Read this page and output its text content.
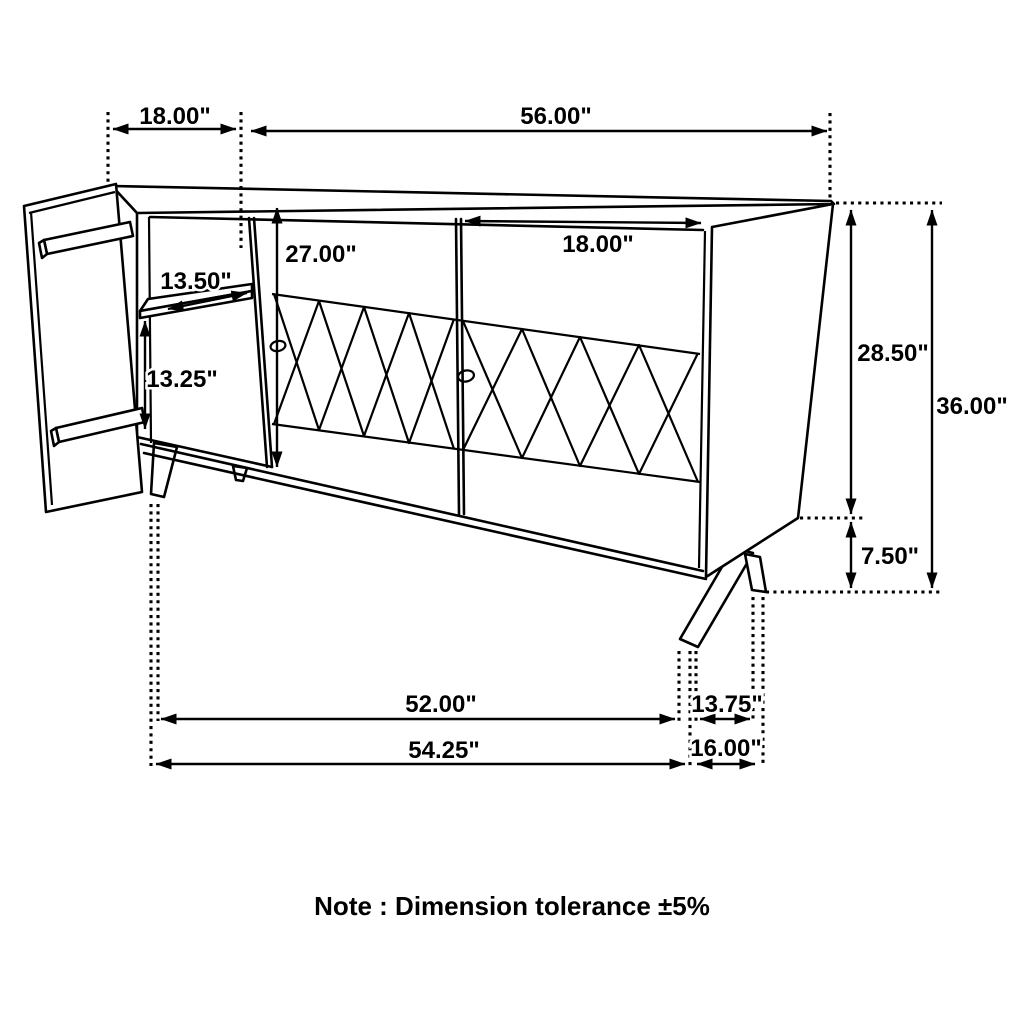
18.00"	56.00"
27.00"	18.00"
13.50"
13.25"
28.50"
36.00"
7.50"
52.00"	13.75"
54.25"	16.00"
Note : Dimension tolerance ±5%
